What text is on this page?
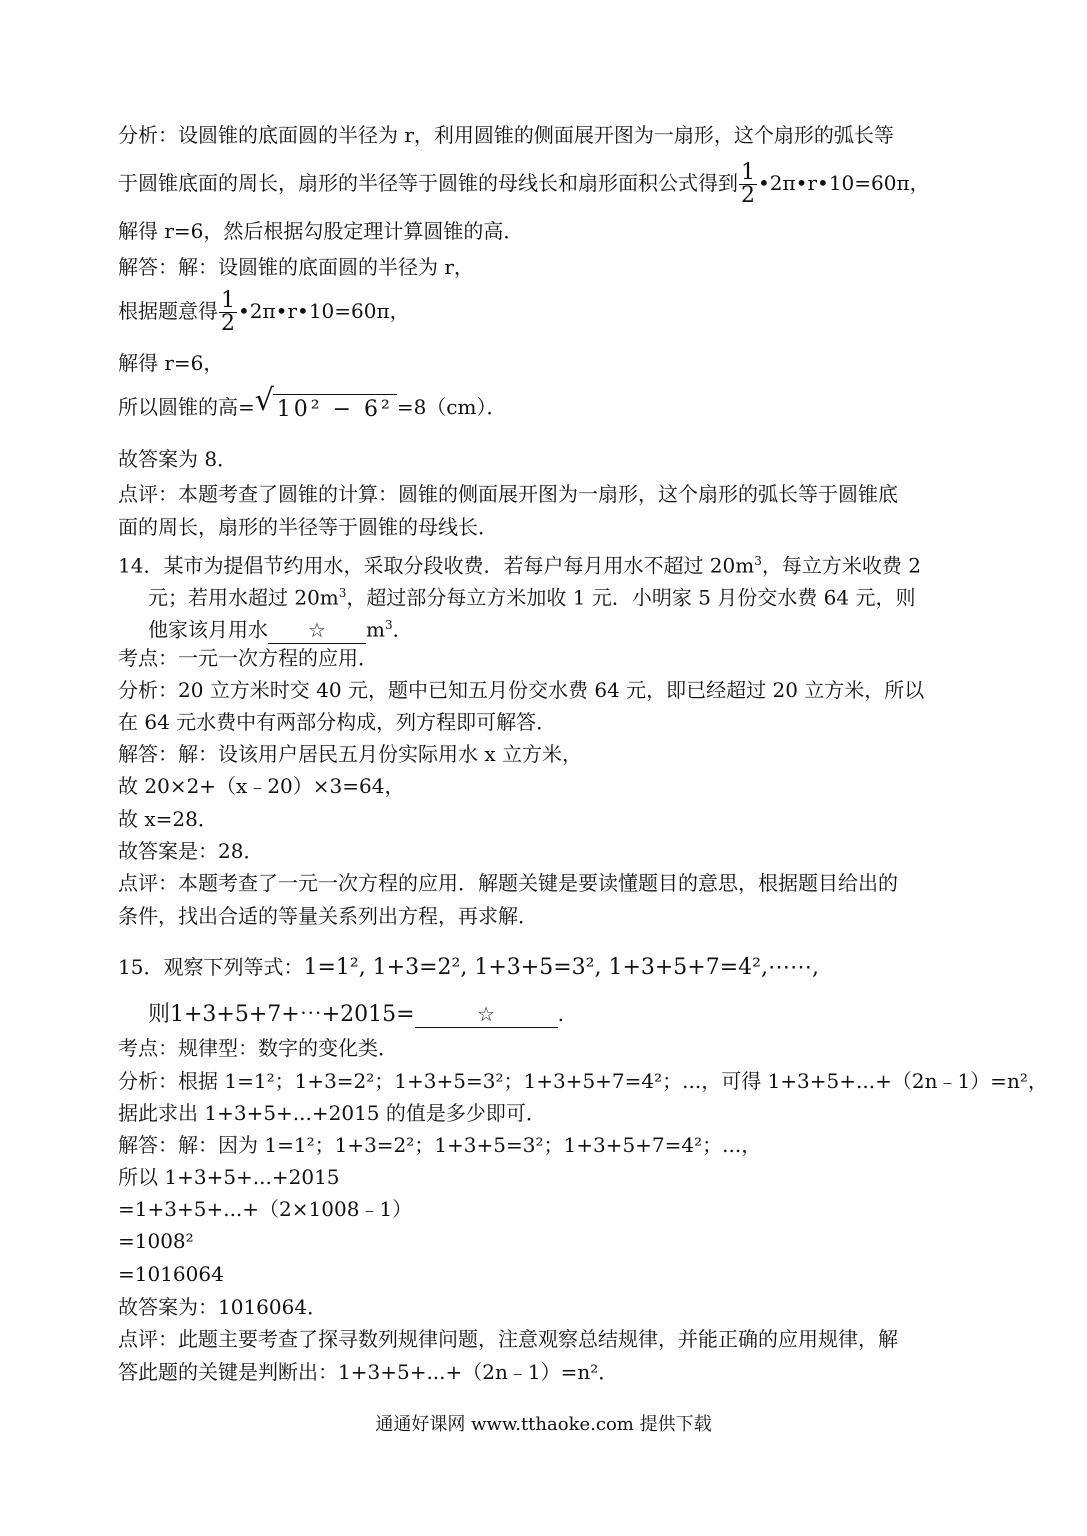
分析：设圆锥的底面圆的半径为 r，利用圆锥的侧面展开图为一扇形，这个扇形的弧长等
于圆锥底面的周长，扇形的半径等于圆锥的母线长和扇形面积公式得到 $\frac{1}{2}$ •2π•r•10=60π，
解得 r=6，然后根据勾股定理计算圆锥的高．
解答：解：设圆锥的底面圆的半径为 r，
根据题意得 $\frac{1}{2}$ •2π•r•10=60π，
解得 r=6，
所以圆锥的高= √ 10² − 6² =8（cm）．
故答案为 8．
点评：本题考查了圆锥的计算：圆锥的侧面展开图为一扇形，这个扇形的弧长等于圆锥底
面的周长，扇形的半径等于圆锥的母线长．
14．某市为提倡节约用水，采取分段收费．若每户每月用水不超过 $20m^3$，每立方米收费 2
元；若用水超过 $20m^3$，超过部分每立方米加收 1 元．小明家 5 月份交水费 64 元，则
他家该月用水 ☆ $m^3$．
考点：一元一次方程的应用．
分析：20 立方米时交 40 元，题中已知五月份交水费 64 元，即已经超过 20 立方米，所以
在 64 元水费中有两部分构成，列方程即可解答．
解答：解：设该用户居民五月份实际用水 x 立方米，
故 20×2+（x﹣20）×3=64，
故 x=28．
故答案是：28．
点评：本题考查了一元一次方程的应用．解题关键是要读懂题目的意思，根据题目给出的
条件，找出合适的等量关系列出方程，再求解．
15．观察下列等式：1=1², 1+3=2², 1+3+5=3², 1+3+5+7=4²,⋯⋯,
则1+3+5+7+⋯+2015=	☆	.
考点：规律型：数字的变化类．
分析：根据 1=1²；1+3=2²；1+3+5=3²；1+3+5+7=4²；...，可得 1+3+5+...+（2n﹣1）=n²，
据此求出 1+3+5+...+2015 的值是多少即可．
解答：解：因为 1=1²；1+3=2²；1+3+5=3²；1+3+5+7=4²；...，
所以 1+3+5+...+2015
=1+3+5+...+（2×1008﹣1）
=1008²
=1016064
故答案为：1016064．
点评：此题主要考查了探寻数列规律问题，注意观察总结规律，并能正确的应用规律，解
答此题的关键是判断出：1+3+5+...+（2n﹣1）=n²．
通通好课网 www.tthaoke.com 提供下载
